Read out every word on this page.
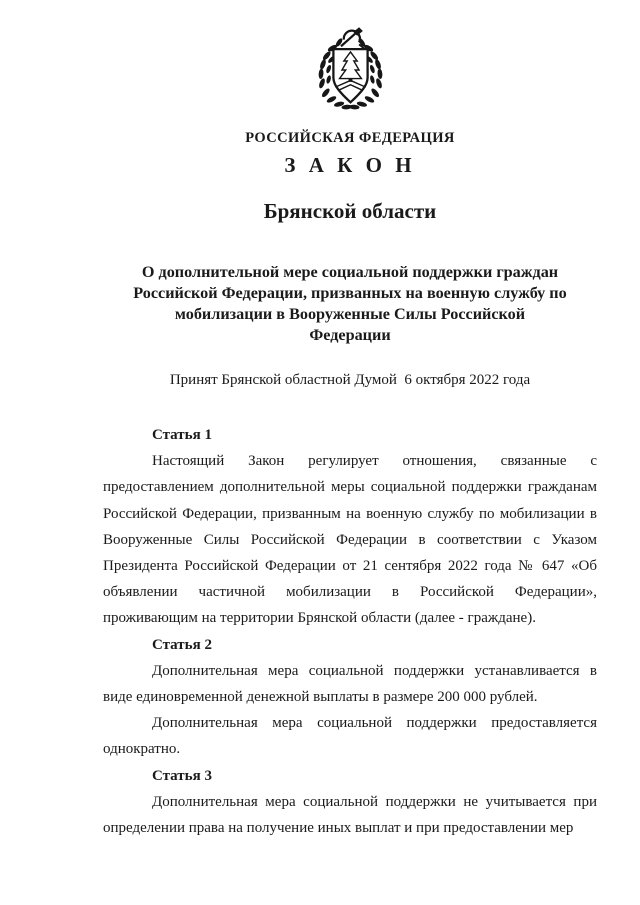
РОССИЙСКАЯ ФЕДЕРАЦИЯ
З А К О Н
Брянской области
О дополнительной мере социальной поддержки граждан
Российской Федерации, призванных на военную службу по
мобилизации в Вооруженные Силы Российской
Федерации
Принят Брянской областной Думой  6 октября 2022 года
Статья 1

Настоящий Закон регулирует отношения, связанные с предоставлением дополнительной меры социальной поддержки гражданам Российской Федерации, призванным на военную службу по мобилизации в Вооруженные Силы Российской Федерации в соответствии с Указом Президента Российской Федерации от 21 сентября 2022 года № 647 «Об объявлении частичной мобилизации в Российской Федерации», проживающим на территории Брянской области (далее - граждане).

Статья 2

Дополнительная мера социальной поддержки устанавливается в виде единовременной денежной выплаты в размере 200 000 рублей.

Дополнительная мера социальной поддержки предоставляется однократно.

Статья 3

Дополнительная мера социальной поддержки не учитывается при определении права на получение иных выплат и при предоставлении мер
